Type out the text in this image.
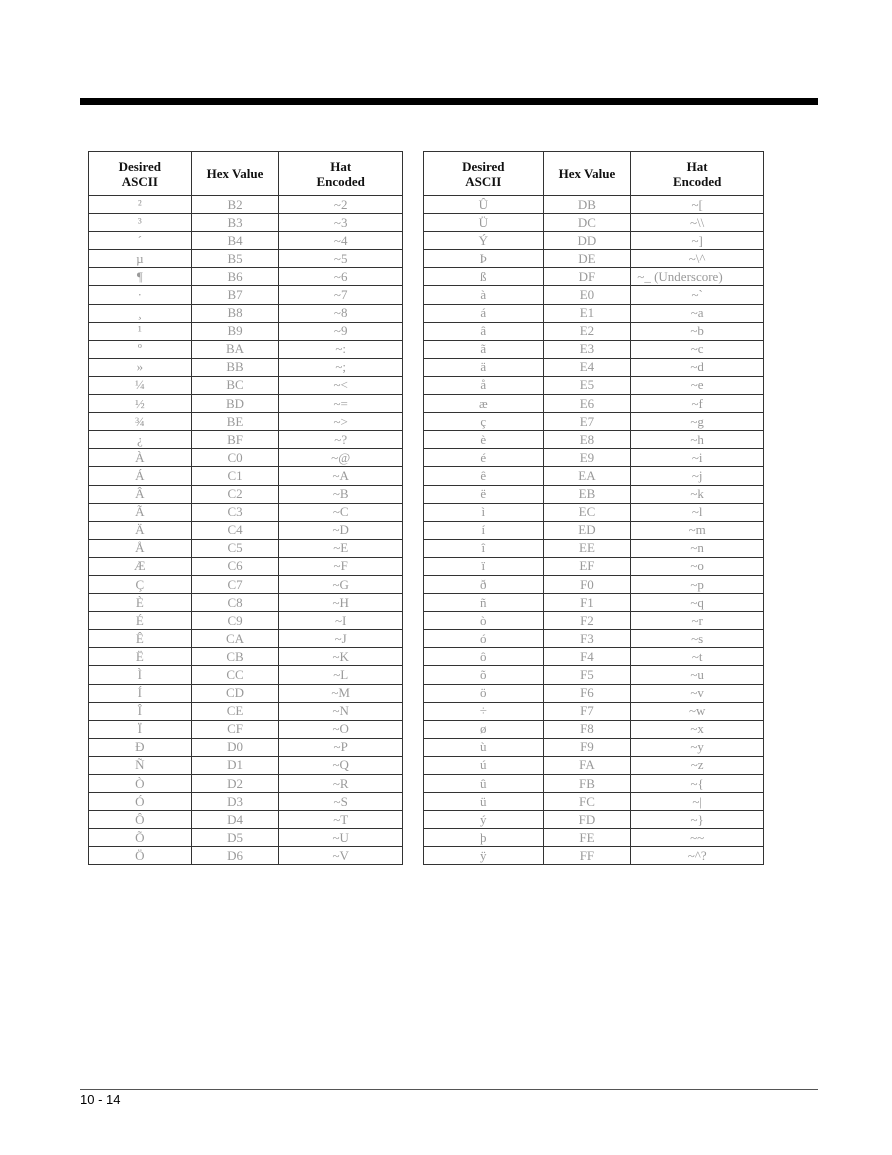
Desired
ASCII	Hex Value	Hat
Encoded
²	B2	~2
³	B3	~3
´	B4	~4
µ	B5	~5
¶	B6	~6
·	B7	~7
¸	B8	~8
¹	B9	~9
º	BA	~:
»	BB	~;
¼	BC	~<
½	BD	~=
¾	BE	~>
¿	BF	~?
À	C0	~@
Á	C1	~A
Â	C2	~B
Ã	C3	~C
Ä	C4	~D
Å	C5	~E
Æ	C6	~F
Ç	C7	~G
È	C8	~H
É	C9	~I
Ê	CA	~J
Ë	CB	~K
Ì	CC	~L
Í	CD	~M
Î	CE	~N
Ï	CF	~O
Ð	D0	~P
Ñ	D1	~Q
Ò	D2	~R
Ó	D3	~S
Ô	D4	~T
Õ	D5	~U
Ö	D6	~V
Desired
ASCII	Hex Value	Hat
Encoded
Û	DB	~[
Ü	DC	~\\
Ý	DD	~]
Þ	DE	~\^
ß	DF	~_ (Underscore)
à	E0	~`
á	E1	~a
â	E2	~b
ã	E3	~c
ä	E4	~d
å	E5	~e
æ	E6	~f
ç	E7	~g
è	E8	~h
é	E9	~i
ê	EA	~j
ë	EB	~k
ì	EC	~l
í	ED	~m
î	EE	~n
ï	EF	~o
ð	F0	~p
ñ	F1	~q
ò	F2	~r
ó	F3	~s
ô	F4	~t
õ	F5	~u
ö	F6	~v
÷	F7	~w
ø	F8	~x
ù	F9	~y
ú	FA	~z
û	FB	~{
ü	FC	~|
ý	FD	~}
þ	FE	~~
ÿ	FF	~^?
10 - 14
